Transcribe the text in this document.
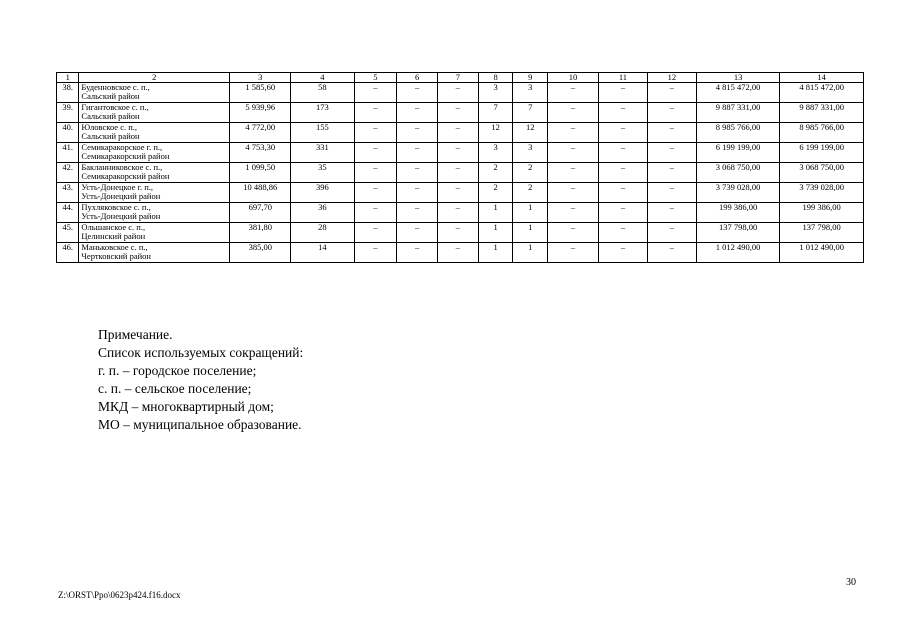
1	2	3	4	5	6	7	8	9	10	11	12	13	14
38.	Буденновское с. п.,
Сальский район	1 585,60	58	–	–	–	3	3	–	–	–	4 815 472,00	4 815 472,00
39.	Гигантовское с. п.,
Сальский район	5 939,96	173	–	–	–	7	7	–	–	–	9 887 331,00	9 887 331,00
40.	Юловское с. п.,
Сальский район	4 772,00	155	–	–	–	12	12	–	–	–	8 985 766,00	8 985 766,00
41.	Семикаракорское г. п.,
Семикаракорский район	4 753,30	331	–	–	–	3	3	–	–	–	6 199 199,00	6 199 199,00
42.	Бакланниковское с. п.,
Семикаракорский район	1 099,50	35	–	–	–	2	2	–	–	–	3 068 750,00	3 068 750,00
43.	Усть-Донецкое г. п.,
Усть-Донецкий район	10 488,86	396	–	–	–	2	2	–	–	–	3 739 028,00	3 739 028,00
44.	Пухляковское с. п.,
Усть-Донецкий район	697,70	36	–	–	–	1	1	–	–	–	199 386,00	199 386,00
45.	Ольшанское с. п.,
Целинский район	381,80	28	–	–	–	1	1	–	–	–	137 798,00	137 798,00
46.	Маньковское с. п.,
Чертковский район	385,00	14	–	–	–	1	1	–	–	–	1 012 490,00	1 012 490,00
Примечание.
Список используемых сокращений:
г. п. – городское поселение;
с. п. – сельское поселение;
МКД – многоквартирный дом;
МО – муниципальное образование.
30
Z:\ORST\Ppo\0623p424.f16.docx
